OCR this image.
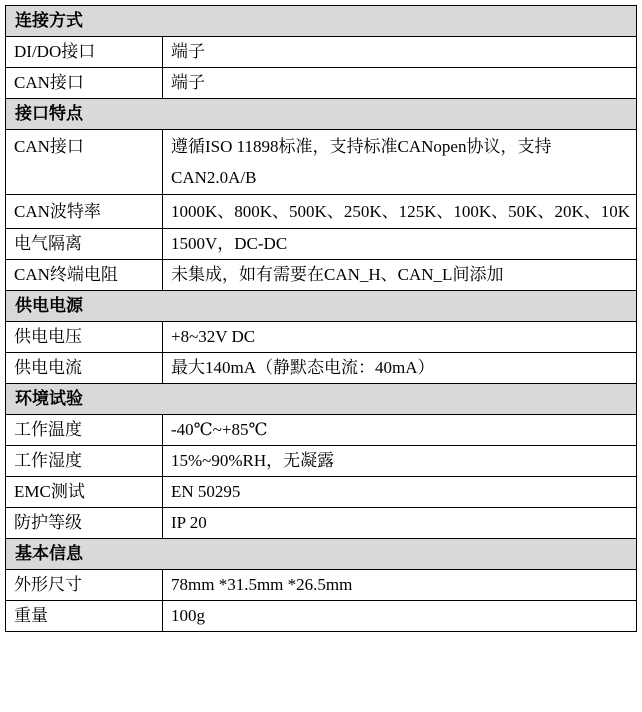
连接方式	
DI/DO接口	端子
CAN接口	端子
接口特点	
CAN接口	遵循ISO 11898标准，支持标准CANopen协议，支持CAN2.0A/B
CAN波特率	1000K、800K、500K、250K、125K、100K、50K、20K、10K
电气隔离	1500V，DC-DC
CAN终端电阻	未集成，如有需要在CAN_H、CAN_L间添加
供电电源	
供电电压	+8~32V DC
供电电流	最大140mA（静默态电流：40mA）
环境试验	
工作温度	-40℃~+85℃
工作湿度	15%~90%RH，无凝露
EMC测试	EN 50295
防护等级	IP 20
基本信息	
外形尺寸	78mm *31.5mm *26.5mm
重量	100g
